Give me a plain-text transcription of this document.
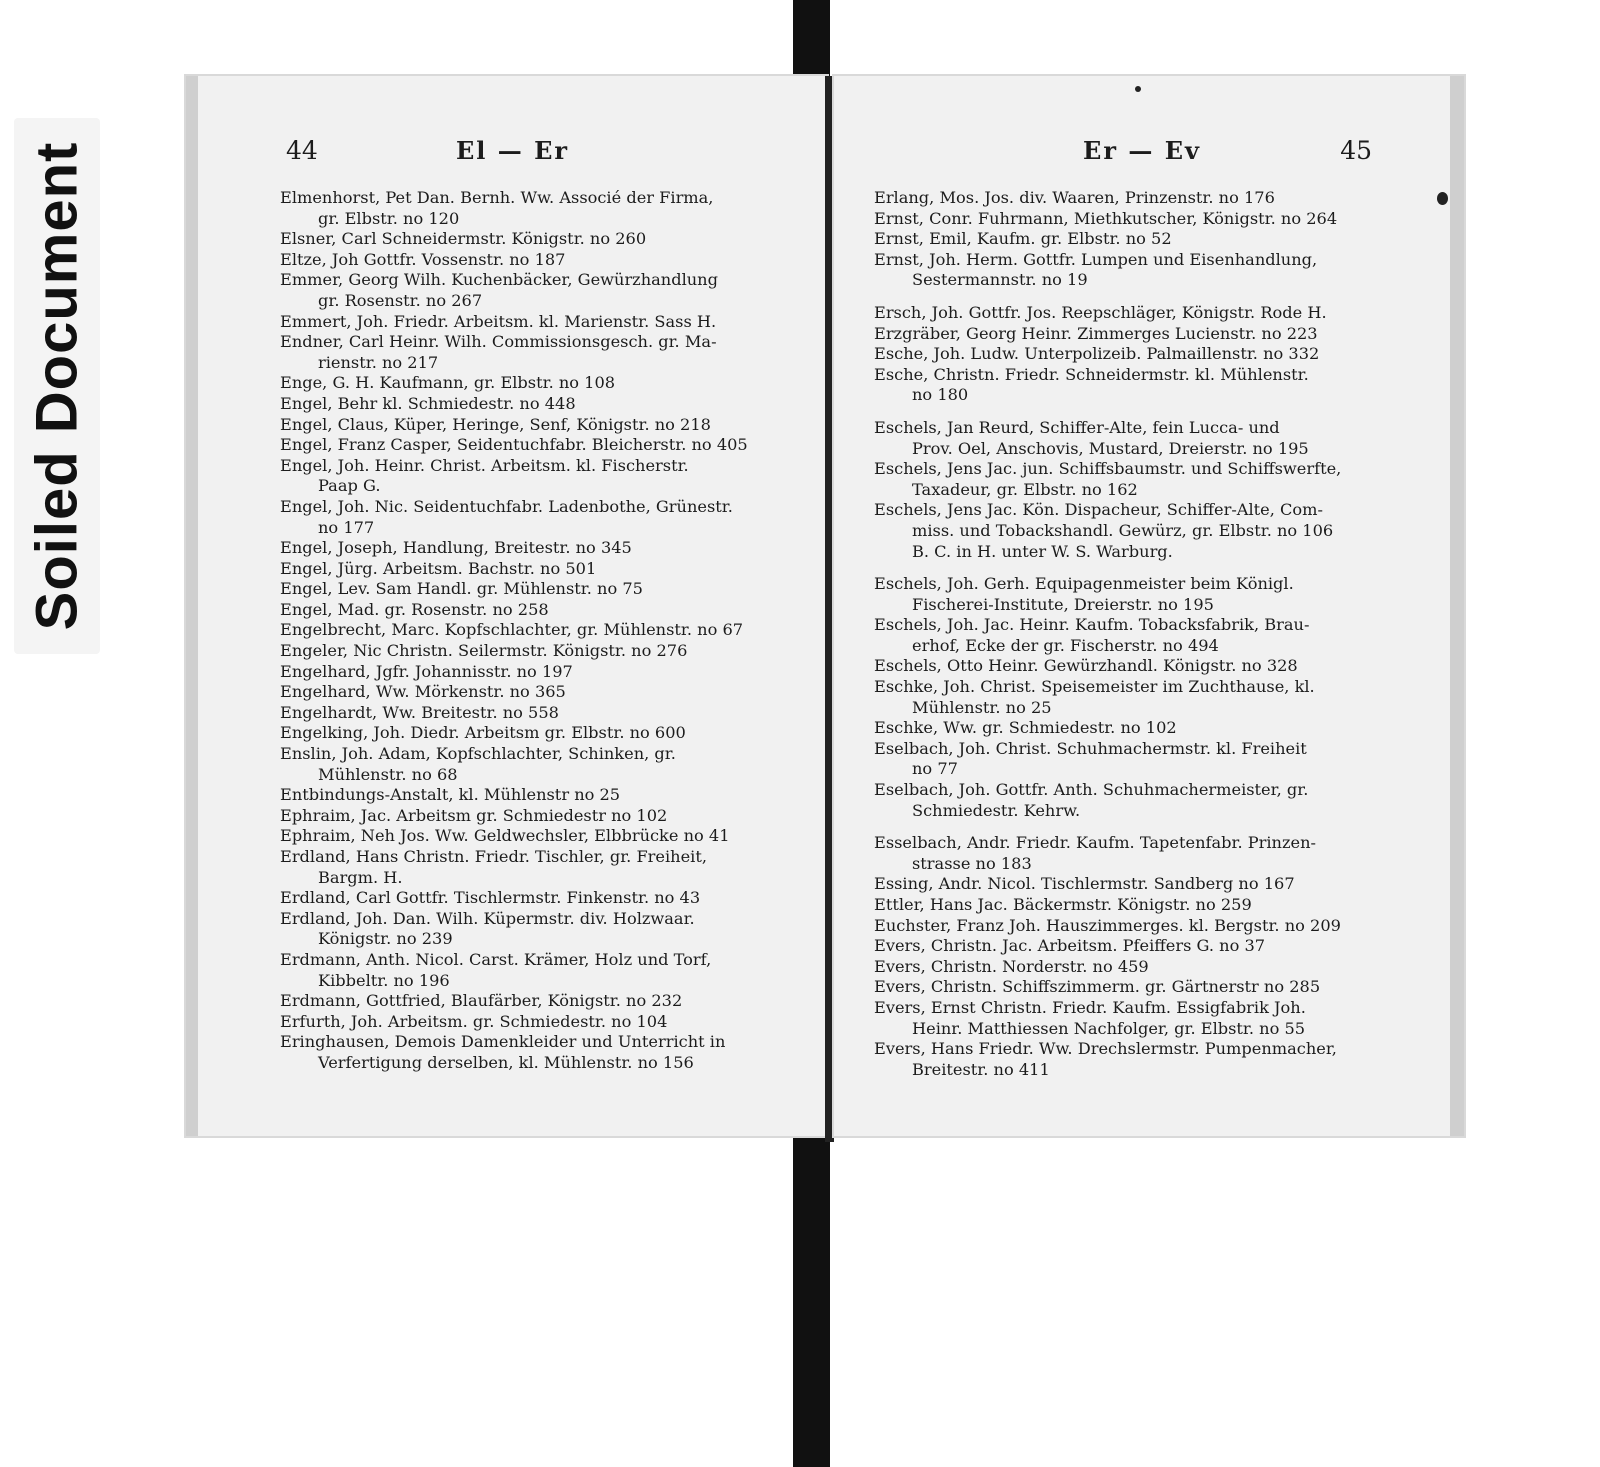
Soiled Document	44	El — Er
Elmenhorst, Pet Dan. Bernh. Ww. Associé der Firma,
gr. Elbstr. no 120
Elsner, Carl Schneidermstr. Königstr. no 260
Eltze, Joh Gottfr. Vossenstr. no 187
Emmer, Georg Wilh. Kuchenbäcker, Gewürzhandlung
gr. Rosenstr. no 267
Emmert, Joh. Friedr. Arbeitsm. kl. Marienstr. Sass H.
Endner, Carl Heinr. Wilh. Commissionsgesch. gr. Ma-
rienstr. no 217
Enge, G. H. Kaufmann, gr. Elbstr. no 108
Engel, Behr kl. Schmiedestr. no 448
Engel, Claus, Küper, Heringe, Senf, Königstr. no 218
Engel, Franz Casper, Seidentuchfabr. Bleicherstr. no 405
Engel, Joh. Heinr. Christ. Arbeitsm. kl. Fischerstr.
Paap G.
Engel, Joh. Nic. Seidentuchfabr. Ladenbothe, Grünestr.
no 177
Engel, Joseph, Handlung, Breitestr. no 345
Engel, Jürg. Arbeitsm. Bachstr. no 501
Engel, Lev. Sam Handl. gr. Mühlenstr. no 75
Engel, Mad. gr. Rosenstr. no 258
Engelbrecht, Marc. Kopfschlachter, gr. Mühlenstr. no 67
Engeler, Nic Christn. Seilermstr. Königstr. no 276
Engelhard, Jgfr. Johannisstr. no 197
Engelhard, Ww. Mörkenstr. no 365
Engelhardt, Ww. Breitestr. no 558
Engelking, Joh. Diedr. Arbeitsm gr. Elbstr. no 600
Enslin, Joh. Adam, Kopfschlachter, Schinken, gr.
Mühlenstr. no 68
Entbindungs-Anstalt, kl. Mühlenstr no 25
Ephraim, Jac. Arbeitsm gr. Schmiedestr no 102
Ephraim, Neh Jos. Ww. Geldwechsler, Elbbrücke no 41
Erdland, Hans Christn. Friedr. Tischler, gr. Freiheit,
Bargm. H.
Erdland, Carl Gottfr. Tischlermstr. Finkenstr. no 43
Erdland, Joh. Dan. Wilh. Küpermstr. div. Holzwaar.
Königstr. no 239
Erdmann, Anth. Nicol. Carst. Krämer, Holz und Torf,
Kibbeltr. no 196
Erdmann, Gottfried, Blaufärber, Königstr. no 232
Erfurth, Joh. Arbeitsm. gr. Schmiedestr. no 104
Eringhausen, Demois Damenkleider und Unterricht in
Verfertigung derselben, kl. Mühlenstr. no 156
Er — Ev	45
Erlang, Mos. Jos. div. Waaren, Prinzenstr. no 176
Ernst, Conr. Fuhrmann, Miethkutscher, Königstr. no 264
Ernst, Emil, Kaufm. gr. Elbstr. no 52
Ernst, Joh. Herm. Gottfr. Lumpen und Eisenhandlung,
Sestermannstr. no 19
Ersch, Joh. Gottfr. Jos. Reepschläger, Königstr. Rode H.
Erzgräber, Georg Heinr. Zimmerges Lucienstr. no 223
Esche, Joh. Ludw. Unterpolizeib. Palmaillenstr. no 332
Esche, Christn. Friedr. Schneidermstr. kl. Mühlenstr.
no 180
Eschels, Jan Reurd, Schiffer-Alte, fein Lucca- und
Prov. Oel, Anschovis, Mustard, Dreierstr. no 195
Eschels, Jens Jac. jun. Schiffsbaumstr. und Schiffswerfte,
Taxadeur, gr. Elbstr. no 162
Eschels, Jens Jac. Kön. Dispacheur, Schiffer-Alte, Com-
miss. und Tobackshandl. Gewürz, gr. Elbstr. no 106
B. C. in H. unter W. S. Warburg.
Eschels, Joh. Gerh. Equipagenmeister beim Königl.
Fischerei-Institute, Dreierstr. no 195
Eschels, Joh. Jac. Heinr. Kaufm. Tobacksfabrik, Brau-
erhof, Ecke der gr. Fischerstr. no 494
Eschels, Otto Heinr. Gewürzhandl. Königstr. no 328
Eschke, Joh. Christ. Speisemeister im Zuchthause, kl.
Mühlenstr. no 25
Eschke, Ww. gr. Schmiedestr. no 102
Eselbach, Joh. Christ. Schuhmachermstr. kl. Freiheit
no 77
Eselbach, Joh. Gottfr. Anth. Schuhmachermeister, gr.
Schmiedestr. Kehrw.
Esselbach, Andr. Friedr. Kaufm. Tapetenfabr. Prinzen-
strasse no 183
Essing, Andr. Nicol. Tischlermstr. Sandberg no 167
Ettler, Hans Jac. Bäckermstr. Königstr. no 259
Euchster, Franz Joh. Hauszimmerges. kl. Bergstr. no 209
Evers, Christn. Jac. Arbeitsm. Pfeiffers G. no 37
Evers, Christn. Norderstr. no 459
Evers, Christn. Schiffszimmerm. gr. Gärtnerstr no 285
Evers, Ernst Christn. Friedr. Kaufm. Essigfabrik Joh.
Heinr. Matthiessen Nachfolger, gr. Elbstr. no 55
Evers, Hans Friedr. Ww. Drechslermstr. Pumpenmacher,
Breitestr. no 411
